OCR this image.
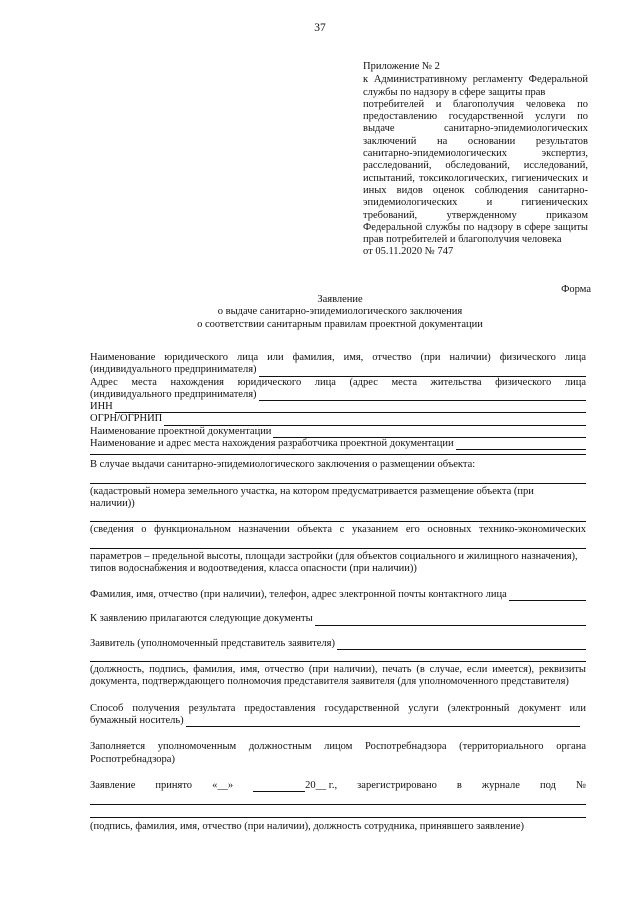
37
Приложение № 2
к Административному регламенту Федеральной
службы по надзору в сфере защиты прав
потребителей и благополучия человека по
предоставлению государственной услуги по
выдаче санитарно-эпидемиологических
заключений на основании результатов
санитарно-эпидемиологических экспертиз,
расследований, обследований, исследований,
испытаний, токсикологических, гигиенических и
иных видов оценок соблюдения санитарно-
эпидемиологических и гигиенических
требований, утвержденному приказом
Федеральной службы по надзору в сфере защиты
прав потребителей и благополучия человека
от 05.11.2020 № 747
Форма
Заявление
о выдаче санитарно-эпидемиологического заключения
о соответствии санитарным правилам проектной документации
Наименование юридического лица или фамилия, имя, отчество (при наличии) физического лица
(индивидуального предпринимателя)
Адрес места нахождения юридического лица (адрес места жительства физического лица
(индивидуального предпринимателя)
ИНН
ОГРН/ОГРНИП
Наименование проектной документации
Наименование и адрес места нахождения разработчика проектной документации
В случае выдачи санитарно-эпидемиологического заключения о размещении объекта:
(кадастровый номера земельного участка, на котором предусматривается размещение объекта (при
наличии))
(сведения о функциональном назначении объекта с указанием его основных технико-экономических
параметров – предельной высоты, площади застройки (для объектов социального и жилищного назначения),
типов водоснабжения и водоотведения, класса опасности (при наличии))
Фамилия, имя, отчество (при наличии), телефон, адрес электронной почты контактного лица
К заявлению прилагаются следующие документы
Заявитель (уполномоченный представитель заявителя)
(должность, подпись, фамилия, имя, отчество (при наличии), печать (в случае, если имеется), реквизиты
документа, подтверждающего полномочия представителя заявителя (для уполномоченного представителя)
Способ получения результата предоставления государственной услуги (электронный документ или
бумажный носитель)
Заполняется уполномоченным должностным лицом Роспотребнадзора (территориального органа
Роспотребнадзора)
Заявление принято «__»	20__ г., зарегистрировано в журнале под №
(подпись, фамилия, имя, отчество (при наличии), должность сотрудника, принявшего заявление)
